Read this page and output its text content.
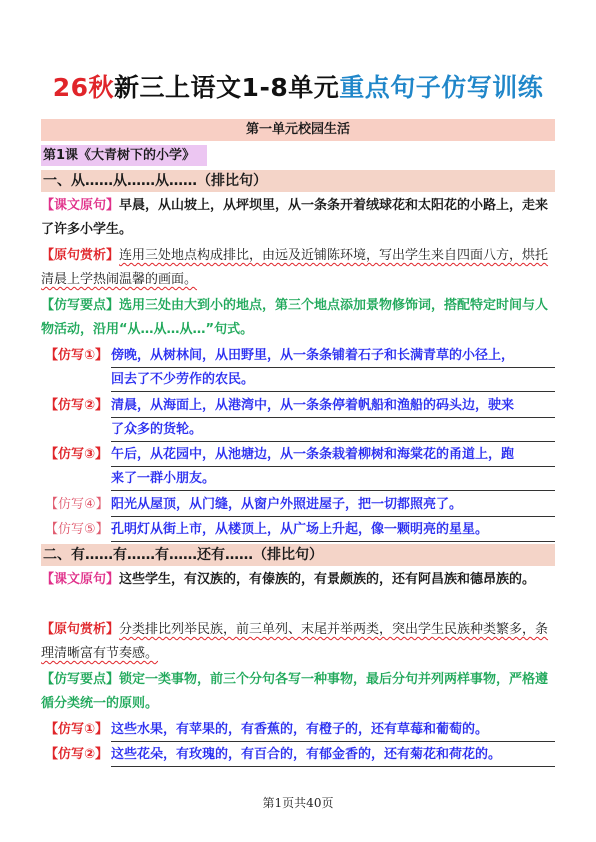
26秋新三上语文1-8单元重点句子仿写训练
第一单元校园生活
第1课《大青树下的小学》
一、从……从……从……（排比句）

【课文原句】早晨，从山坡上，从坪坝里，从一条条开着绒球花和太阳花的小路上，走来了许多小学生。

【原句赏析】连用三处地点构成排比，由远及近铺陈环境，写出学生来自四面八方，烘托清晨上学热闹温馨的画面。

【仿写要点】选用三处由大到小的地点，第三个地点添加景物修饰词，搭配特定时间与人物活动，沿用“从…从…从…”句式。

【仿写①】 傍晚，从树林间，从田野里，从一条条铺着石子和长满青草的小径上，
回去了不少劳作的农民。
【仿写②】 清晨，从海面上，从港湾中，从一条条停着帆船和渔船的码头边，驶来
了众多的货轮。
【仿写③】 午后，从花园中，从池塘边，从一条条栽着柳树和海棠花的甬道上，跑
来了一群小朋友。
【仿写④】 阳光从屋顶，从门缝，从窗户外照进屋子，把一切都照亮了。
【仿写⑤】 孔明灯从街上市，从楼顶上，从广场上升起，像一颗明亮的星星。
二、有……有……有……还有……（排比句）

【课文原句】这些学生，有汉族的，有傣族的，有景颇族的，还有阿昌族和德昂族的。

【原句赏析】分类排比列举民族，前三单列、末尾并举两类，突出学生民族种类繁多，条理清晰富有节奏感。

【仿写要点】锁定一类事物，前三个分句各写一种事物，最后分句并列两样事物，严格遵循分类统一的原则。

【仿写①】 这些水果，有苹果的，有香蕉的，有橙子的，还有草莓和葡萄的。
【仿写②】 这些花朵，有玫瑰的，有百合的，有郁金香的，还有菊花和荷花的。
第1页共40页
